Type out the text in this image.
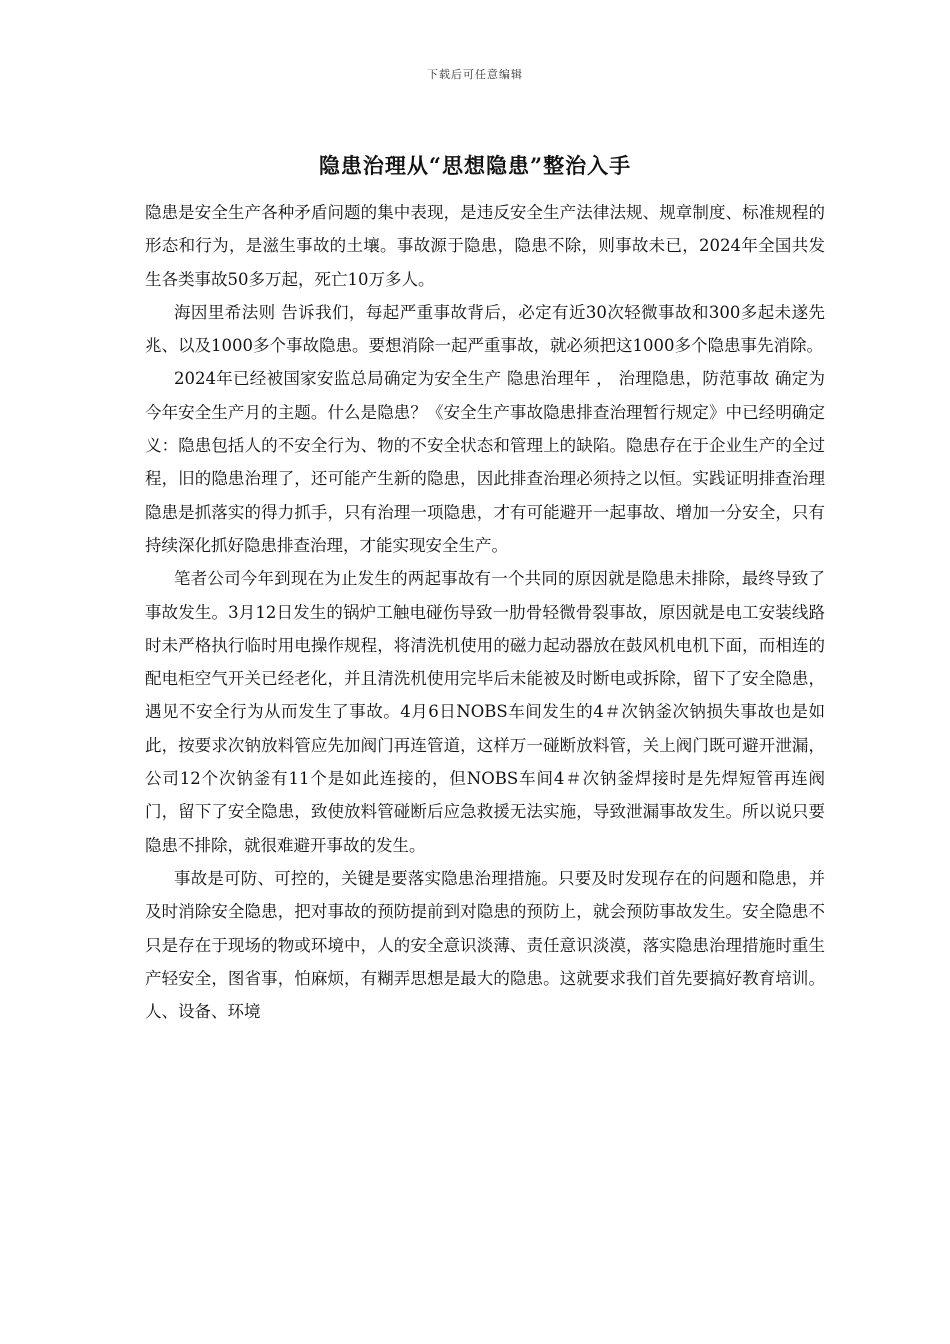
下载后可任意编辑
隐患治理从“思想隐患”整治入手

隐患是安全生产各种矛盾问题的集中表现，是违反安全生产法律法规、规章制度、标准规程的形态和行为，是滋生事故的土壤。事故源于隐患，隐患不除，则事故未已，2024年全国共发生各类事故50多万起，死亡10万多人。

海因里希法则 告诉我们，每起严重事故背后，必定有近30次轻微事故和300多起未遂先兆、以及1000多个事故隐患。要想消除一起严重事故，就必须把这1000多个隐患事先消除。

2024年已经被国家安监总局确定为安全生产 隐患治理年 ， 治理隐患，防范事故 确定为今年安全生产月的主题。什么是隐患？《安全生产事故隐患排查治理暂行规定》中已经明确定义：隐患包括人的不安全行为、物的不安全状态和管理上的缺陷。隐患存在于企业生产的全过程，旧的隐患治理了，还可能产生新的隐患，因此排查治理必须持之以恒。实践证明排查治理隐患是抓落实的得力抓手，只有治理一项隐患，才有可能避开一起事故、增加一分安全，只有持续深化抓好隐患排查治理，才能实现安全生产。

笔者公司今年到现在为止发生的两起事故有一个共同的原因就是隐患未排除，最终导致了事故发生。3月12日发生的锅炉工触电碰伤导致一肋骨轻微骨裂事故，原因就是电工安装线路时未严格执行临时用电操作规程，将清洗机使用的磁力起动器放在鼓风机电机下面，而相连的配电柜空气开关已经老化，并且清洗机使用完毕后未能被及时断电或拆除，留下了安全隐患，遇见不安全行为从而发生了事故。4月6日NOBS车间发生的4＃次钠釜次钠损失事故也是如此，按要求次钠放料管应先加阀门再连管道，这样万一碰断放料管，关上阀门既可避开泄漏，公司12个次钠釜有11个是如此连接的，但NOBS车间4＃次钠釜焊接时是先焊短管再连阀门，留下了安全隐患，致使放料管碰断后应急救援无法实施，导致泄漏事故发生。所以说只要隐患不排除，就很难避开事故的发生。

事故是可防、可控的，关键是要落实隐患治理措施。只要及时发现存在的问题和隐患，并及时消除安全隐患，把对事故的预防提前到对隐患的预防上，就会预防事故发生。安全隐患不只是存在于现场的物或环境中，人的安全意识淡薄、责任意识淡漠，落实隐患治理措施时重生产轻安全，图省事，怕麻烦，有糊弄思想是最大的隐患。这就要求我们首先要搞好教育培训。人、设备、环境
